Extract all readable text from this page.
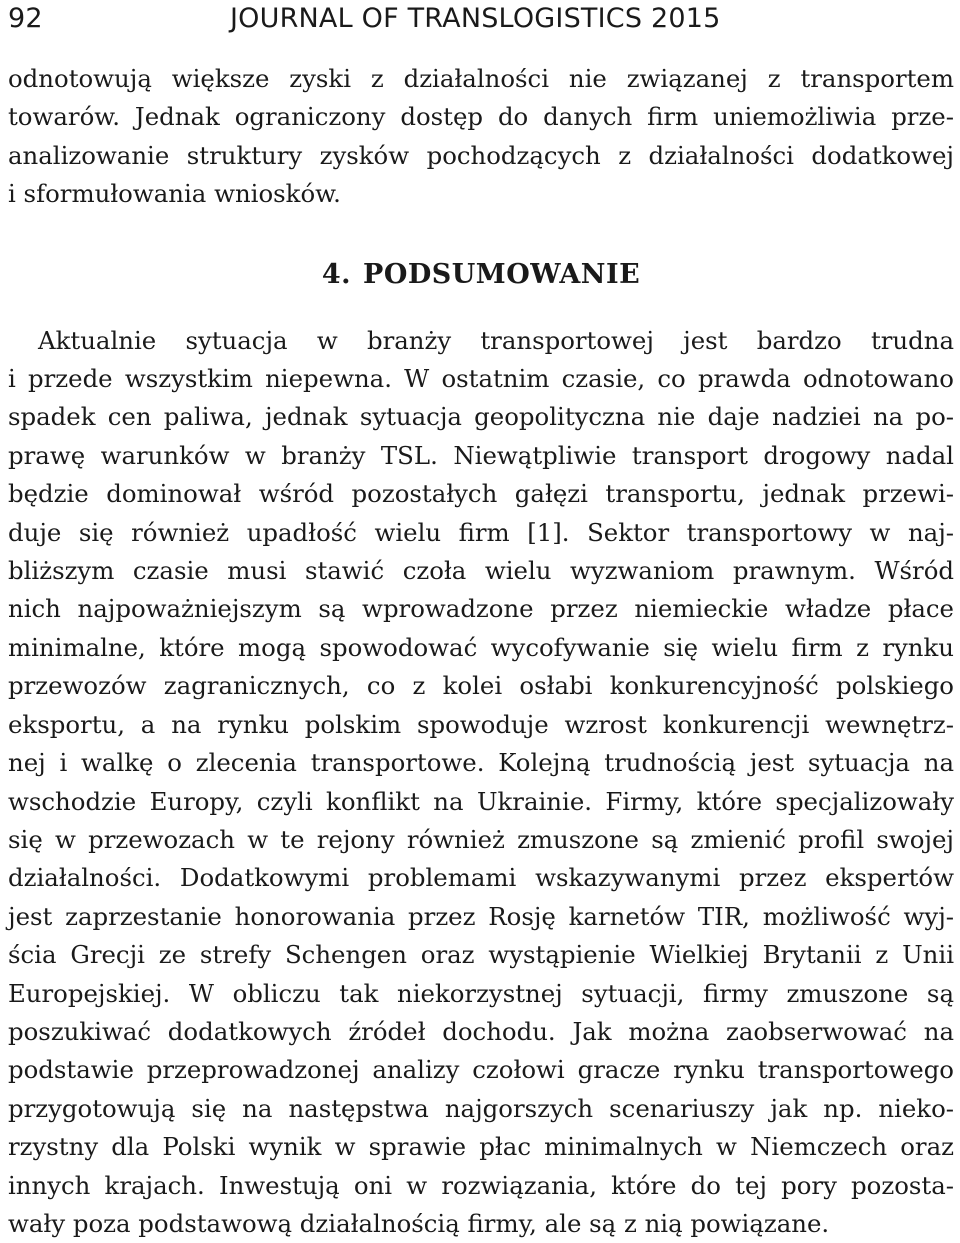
92	JOURNAL OF TRANSLOGISTICS 2015
odnotowują większe zyski z działalności nie związanej z transportem
towarów. Jednak ograniczony dostęp do danych firm uniemożliwia prze-
analizowanie struktury zysków pochodzących z działalności dodatkowej
i sformułowania wniosków.
4. PODSUMOWANIE
Aktualnie sytuacja w branży transportowej jest bardzo trudna
i przede wszystkim niepewna. W ostatnim czasie, co prawda odnotowano
spadek cen paliwa, jednak sytuacja geopolityczna nie daje nadziei na po-
prawę warunków w branży TSL. Niewątpliwie transport drogowy nadal
będzie dominował wśród pozostałych gałęzi transportu, jednak przewi-
duje się również upadłość wielu firm [1]. Sektor transportowy w naj-
bliższym czasie musi stawić czoła wielu wyzwaniom prawnym. Wśród
nich najpoważniejszym są wprowadzone przez niemieckie władze płace
minimalne, które mogą spowodować wycofywanie się wielu firm z rynku
przewozów zagranicznych, co z kolei osłabi konkurencyjność polskiego
eksportu, a na rynku polskim spowoduje wzrost konkurencji wewnętrz-
nej i walkę o zlecenia transportowe. Kolejną trudnością jest sytuacja na
wschodzie Europy, czyli konflikt na Ukrainie. Firmy, które specjalizowały
się w przewozach w te rejony również zmuszone są zmienić profil swojej
działalności. Dodatkowymi problemami wskazywanymi przez ekspertów
jest zaprzestanie honorowania przez Rosję karnetów TIR, możliwość wyj-
ścia Grecji ze strefy Schengen oraz wystąpienie Wielkiej Brytanii z Unii
Europejskiej. W obliczu tak niekorzystnej sytuacji, firmy zmuszone są
poszukiwać dodatkowych źródeł dochodu. Jak można zaobserwować na
podstawie przeprowadzonej analizy czołowi gracze rynku transportowego
przygotowują się na następstwa najgorszych scenariuszy jak np. nieko-
rzystny dla Polski wynik w sprawie płac minimalnych w Niemczech oraz
innych krajach. Inwestują oni w rozwiązania, które do tej pory pozosta-
wały poza podstawową działalnością firmy, ale są z nią powiązane.
